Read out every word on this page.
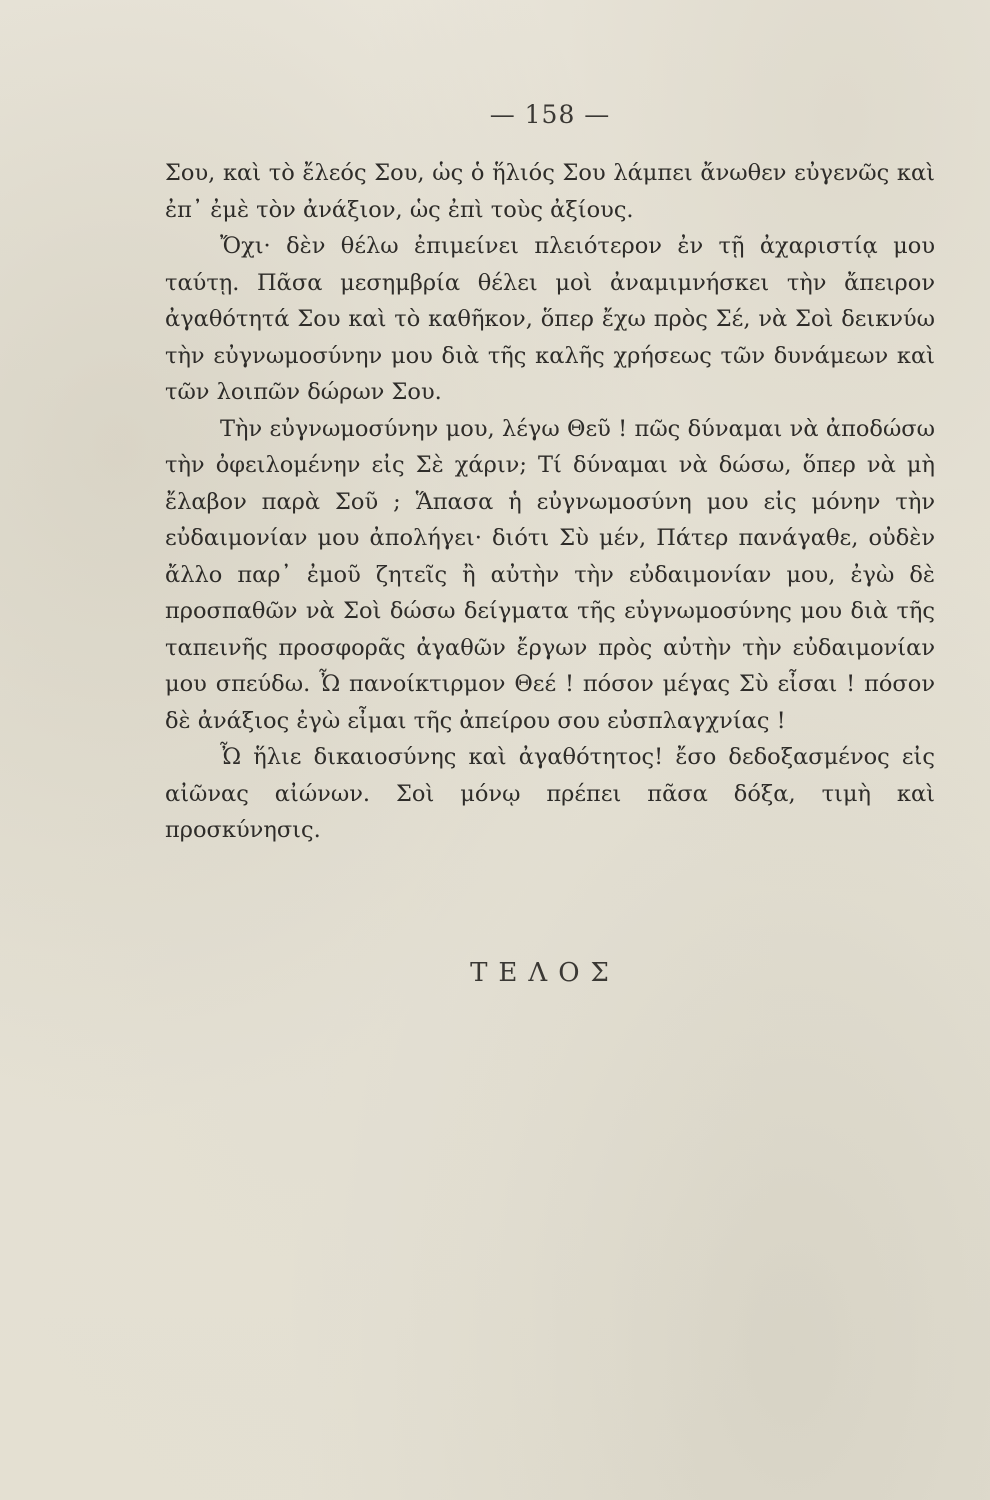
— 158 —

Σου, καὶ τὸ ἔλεός Σου, ὡς ὁ ἥλιός Σου λάμπει ἄνωθεν εὐγενῶς καὶ ἐπ᾽ ἐμὲ τὸν ἀνάξιον, ὡς ἐπὶ τοὺς ἀξίους.

Ὄχι· δὲν θέλω ἐπιμείνει πλειότερον ἐν τῇ ἀχαριστίᾳ μου ταύτῃ. Πᾶσα μεσημβρία θέλει μοὶ ἀναμιμνήσκει τὴν ἄπειρον ἀγαθότητά Σου καὶ τὸ καθῆκον, ὅπερ ἔχω πρὸς Σέ, νὰ Σοὶ δεικνύω τὴν εὐγνωμοσύνην μου διὰ τῆς καλῆς χρήσεως τῶν δυνάμεων καὶ τῶν λοιπῶν δώρων Σου.

Τὴν εὐγνωμοσύνην μου, λέγω Θεῦ ! πῶς δύναμαι νὰ ἀποδώσω τὴν ὀφειλομένην εἰς Σὲ χάριν; Τί δύναμαι νὰ δώσω, ὅπερ νὰ μὴ ἔλαβον παρὰ Σοῦ ; Ἅπασα ἡ εὐγνωμοσύνη μου εἰς μόνην τὴν εὐδαιμονίαν μου ἀπολήγει· διότι Σὺ μέν, Πάτερ πανάγαθε, οὐδὲν ἄλλο παρ᾽ ἐμοῦ ζητεῖς ἢ αὐτὴν τὴν εὐδαιμονίαν μου, ἐγὼ δὲ προσπαθῶν νὰ Σοὶ δώσω δείγματα τῆς εὐγνωμοσύνης μου διὰ τῆς ταπεινῆς προσφορᾶς ἀγαθῶν ἔργων πρὸς αὐτὴν τὴν εὐδαιμονίαν μου σπεύδω. Ὦ πανοίκτιρμον Θεέ ! πόσον μέγας Σὺ εἶσαι ! πόσον δὲ ἀνάξιος ἐγὼ εἶμαι τῆς ἀπείρου σου εὐσπλαγχνίας !

Ὦ ἥλιε δικαιοσύνης καὶ ἀγαθότητος! ἔσο δεδοξασμένος εἰς αἰῶνας αἰώνων. Σοὶ μόνῳ πρέπει πᾶσα δόξα, τιμὴ καὶ προσκύνησις.

ΤΕΛΟΣ
